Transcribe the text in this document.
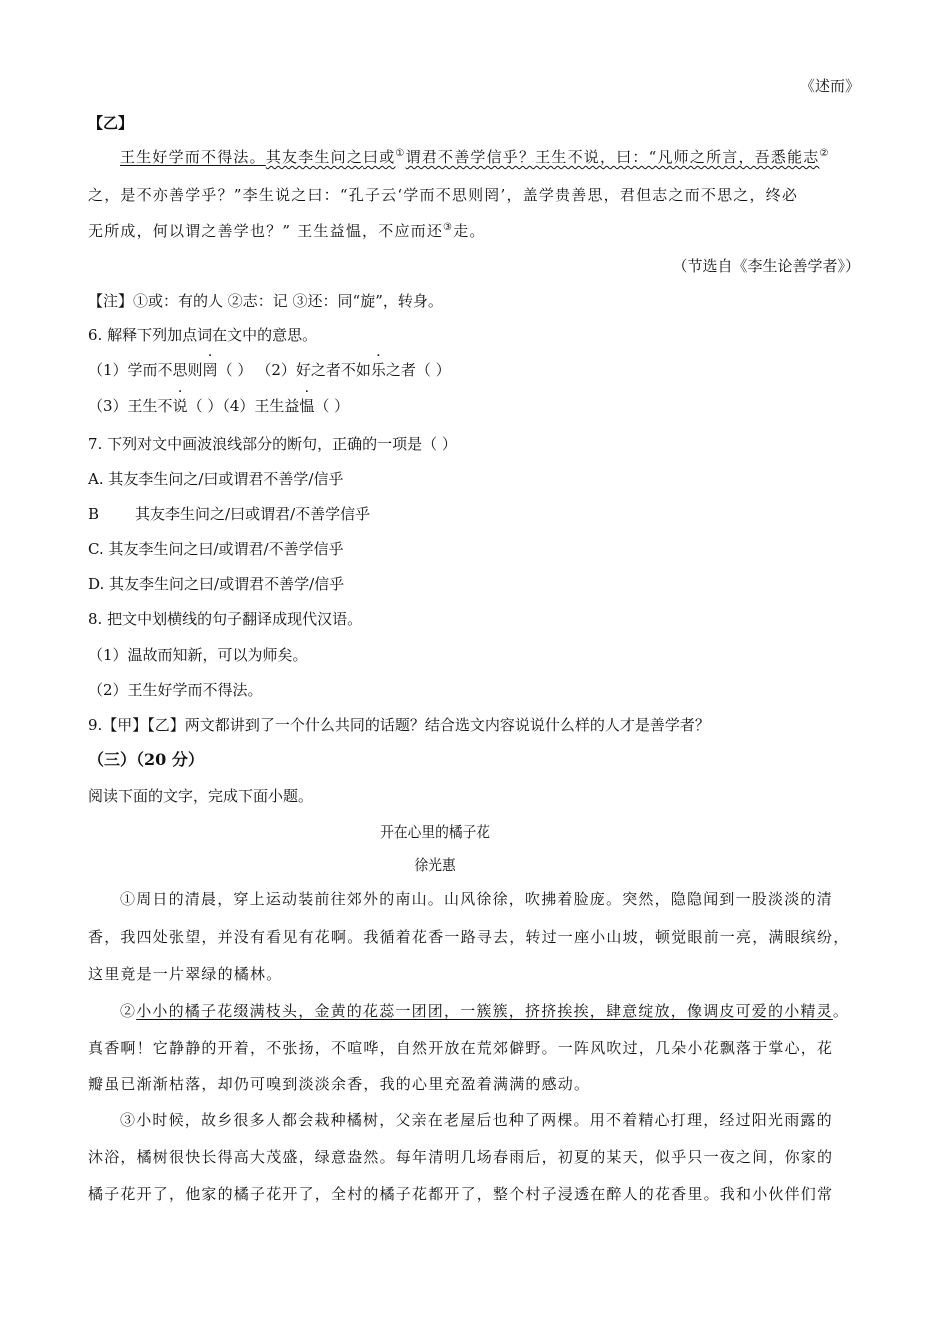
《述而》
【乙】
王生好学而不得法。其友李生问之曰或①谓君不善学信乎？王生不说，曰：“凡师之所言，吾悉能志②
之，是不亦善学乎？”李生说之曰：“孔子云‘学而不思则罔’，盖学贵善思，君但志之而不思之，终必
无所成，何以谓之善学也？” 王生益愠，不应而还③走。
（节选自《李生论善学者》）
【注】①或：有的人 ②志：记 ③还：同“旋”，转身。
6. 解释下列加点词在文中的意思。
（1）学而不思则罔（ ） （2）好之者不如乐之者（ ）
（3）王生不说（ ）（4）王生益愠（ ）
7. 下列对文中画波浪线部分的断句，正确的一项是（ ）
A. 其友李生问之/曰或谓君不善学/信乎
B 其友李生问之/曰或谓君/不善学信乎
C. 其友李生问之曰/或谓君/不善学信乎
D. 其友李生问之曰/或谓君不善学/信乎
8. 把文中划横线的句子翻译成现代汉语。
（1）温故而知新，可以为师矣。
（2）王生好学而不得法。
9.【甲】【乙】两文都讲到了一个什么共同的话题？结合选文内容说说什么样的人才是善学者？
（三）（20 分）
阅读下面的文字，完成下面小题。
开在心里的橘子花
徐光惠
①周日的清晨，穿上运动装前往郊外的南山。山风徐徐，吹拂着脸庞。突然，隐隐闻到一股淡淡的清
香，我四处张望，并没有看见有花啊。我循着花香一路寻去，转过一座小山坡，顿觉眼前一亮，满眼缤纷，
这里竟是一片翠绿的橘林。
②小小的橘子花缀满枝头，金黄的花蕊一团团，一簇簇，挤挤挨挨，肆意绽放，像调皮可爱的小精灵。
真香啊！它静静的开着，不张扬，不喧哗，自然开放在荒郊僻野。一阵风吹过，几朵小花飘落于掌心，花
瓣虽已渐渐枯落，却仍可嗅到淡淡余香，我的心里充盈着满满的感动。
③小时候，故乡很多人都会栽种橘树，父亲在老屋后也种了两棵。用不着精心打理，经过阳光雨露的
沐浴，橘树很快长得高大茂盛，绿意盎然。每年清明几场春雨后，初夏的某天，似乎只一夜之间，你家的
橘子花开了，他家的橘子花开了，全村的橘子花都开了，整个村子浸透在醉人的花香里。我和小伙伴们常
